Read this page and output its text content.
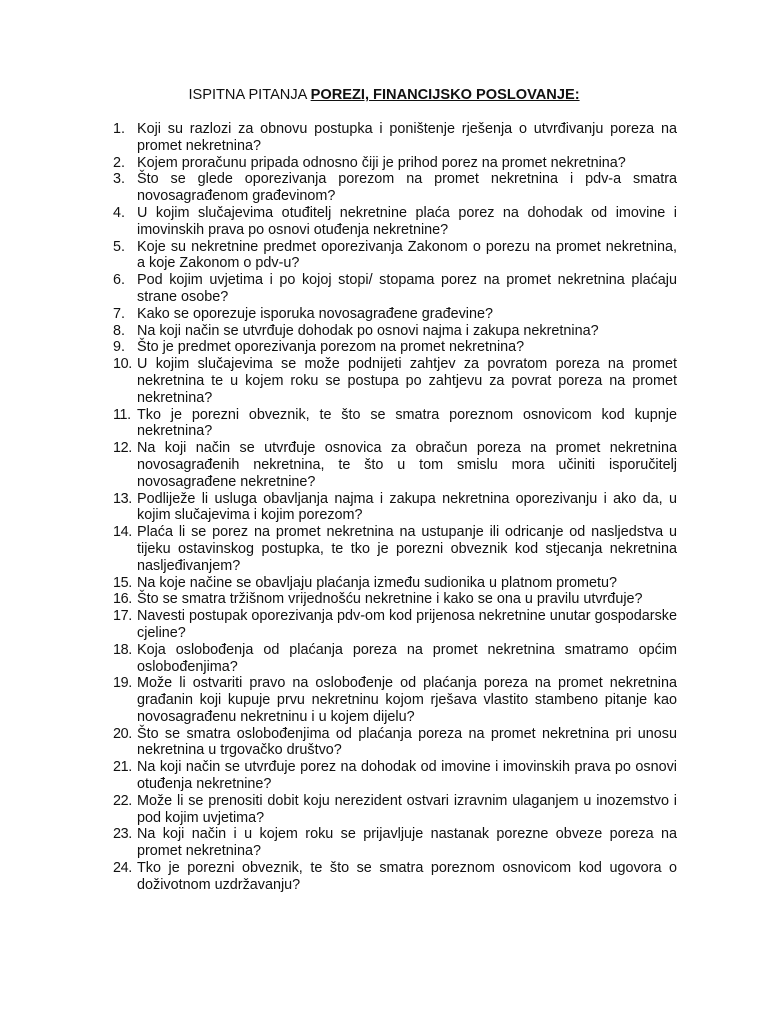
ISPITNA PITANJA POREZI, FINANCIJSKO POSLOVANJE:
1. Koji su razlozi za obnovu postupka i poništenje rješenja o utvrđivanju poreza na promet nekretnina?
2. Kojem proračunu pripada odnosno čiji je prihod porez na promet nekretnina?
3. Što se glede oporezivanja porezom na promet nekretnina i pdv-a smatra novosagrađenom građevinom?
4. U kojim slučajevima otuđitelj nekretnine plaća porez na dohodak od imovine i imovinskih prava po osnovi otuđenja nekretnine?
5. Koje su nekretnine predmet oporezivanja Zakonom o porezu na promet nekretnina, a koje Zakonom o pdv-u?
6. Pod kojim uvjetima i po kojoj stopi/ stopama porez na promet nekretnina plaćaju strane osobe?
7. Kako se oporezuje isporuka novosagrađene građevine?
8. Na koji način se utvrđuje dohodak po osnovi najma i zakupa nekretnina?
9. Što je predmet oporezivanja porezom na promet nekretnina?
10. U kojim slučajevima se može podnijeti zahtjev za povratom poreza na promet nekretnina te u kojem roku se postupa po zahtjevu za povrat poreza na promet nekretnina?
11. Tko je porezni obveznik, te što se smatra poreznom osnovicom kod kupnje nekretnina?
12. Na koji način se utvrđuje osnovica za obračun poreza na promet nekretnina novosagrađenih nekretnina, te što u tom smislu mora učiniti isporučitelj novosagrađene nekretnine?
13. Podliježe li usluga obavljanja najma i zakupa nekretnina oporezivanju i ako da, u kojim slučajevima i kojim porezom?
14. Plaća li se porez na promet nekretnina na ustupanje ili odricanje od nasljedstva u tijeku ostavinskog postupka, te tko je porezni obveznik kod stjecanja nekretnina nasljeđivanjem?
15. Na koje načine se obavljaju plaćanja između sudionika u platnom prometu?
16. Što se smatra tržišnom vrijednošću nekretnine i kako se ona u pravilu utvrđuje?
17. Navesti postupak oporezivanja pdv-om kod prijenosa nekretnine unutar gospodarske cjeline?
18. Koja oslobođenja od plaćanja poreza na promet nekretnina smatramo općim oslobođenjima?
19. Može li ostvariti pravo na oslobođenje od plaćanja poreza na promet nekretnina građanin koji kupuje prvu nekretninu kojom rješava vlastito stambeno pitanje kao novosagrađenu nekretninu i u kojem dijelu?
20. Što se smatra oslobođenjima od plaćanja poreza na promet nekretnina pri unosu nekretnina u trgovačko društvo?
21. Na koji način se utvrđuje porez na dohodak od imovine i imovinskih prava po osnovi otuđenja nekretnine?
22. Može li se prenositi dobit koju nerezident ostvari izravnim ulaganjem u inozemstvo i pod kojim uvjetima?
23. Na koji način i u kojem roku se prijavljuje nastanak porezne obveze poreza na promet nekretnina?
24. Tko je porezni obveznik, te što se smatra poreznom osnovicom kod ugovora o doživotnom uzdržavanju?
